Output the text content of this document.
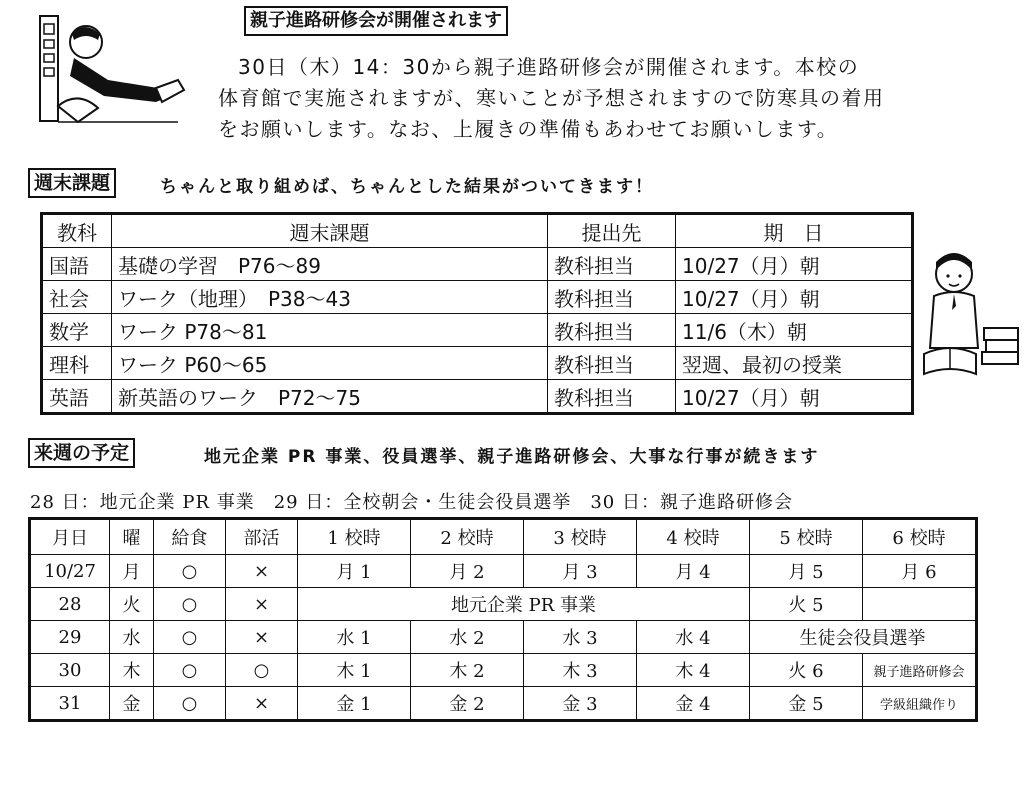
親子進路研修会が開催されます
30日（木）14：30から親子進路研修会が開催されます。本校の
体育館で実施されますが、寒いことが予想されますので防寒具の着用
をお願いします。なお、上履きの準備もあわせてお願いします。
週末課題	ちゃんと取り組めば、ちゃんとした結果がついてきます！
教科	週末課題	提出先	期　日
国語	基礎の学習　P76～89	教科担当	10/27（月）朝
社会	ワーク（地理）　P38～43	教科担当	10/27（月）朝
数学	ワーク P78～81	教科担当	11/6（木）朝
理科	ワーク P60～65	教科担当	翌週、最初の授業
英語	新英語のワーク　P72～75	教科担当	10/27（月）朝
来週の予定	地元企業 PR 事業、役員選挙、親子進路研修会、大事な行事が続きます
28 日：地元企業 PR 事業　29 日：全校朝会・生徒会役員選挙　30 日：親子進路研修会
月日	曜	給食	部活	1 校時	2 校時	3 校時	4 校時	5 校時	6 校時
10/27	月	○	×	月 1	月 2	月 3	月 4	月 5	月 6
28	火	○	×	地元企業 PR 事業				火 5	
29	水	○	×	水 1	水 2	水 3	水 4	生徒会役員選挙	
30	木	○	○	木 1	木 2	木 3	木 4	火 6	親子進路研修会
31	金	○	×	金 1	金 2	金 3	金 4	金 5	学級組織作り
